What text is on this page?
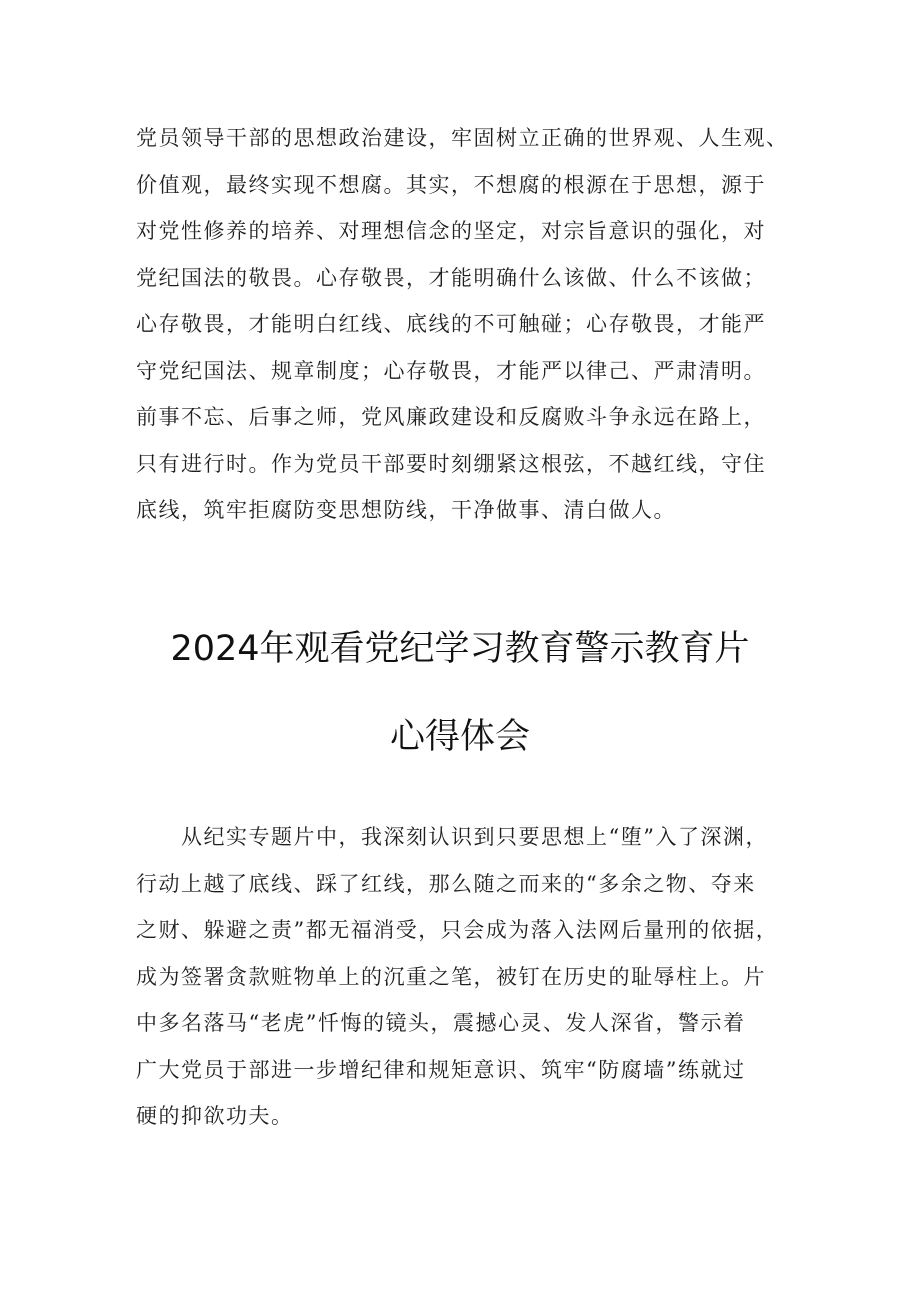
党员领导干部的思想政治建设，牢固树立正确的世界观、人生观、
价值观，最终实现不想腐。其实，不想腐的根源在于思想，源于
对党性修养的培养、对理想信念的坚定，对宗旨意识的强化，对
党纪国法的敬畏。心存敬畏，才能明确什么该做、什么不该做；
心存敬畏，才能明白红线、底线的不可触碰；心存敬畏，才能严
守党纪国法、规章制度；心存敬畏，才能严以律己、严肃清明。
前事不忘、后事之师，党风廉政建设和反腐败斗争永远在路上，
只有进行时。作为党员干部要时刻绷紧这根弦，不越红线，守住
底线，筑牢拒腐防变思想防线，干净做事、清白做人。

2024年观看党纪学习教育警示教育片
心得体会

　　从纪实专题片中，我深刻认识到只要思想上“堕”入了深渊，
行动上越了底线、踩了红线，那么随之而来的“多余之物、夺来
之财、躲避之责”都无福消受，只会成为落入法网后量刑的依据，
成为签署贪款赃物单上的沉重之笔，被钉在历史的耻辱柱上。片
中多名落马“老虎”忏悔的镜头，震撼心灵、发人深省，警示着
广大党员于部进一步增纪律和规矩意识、筑牢“防腐墙”练就过
硬的抑欲功夫。
